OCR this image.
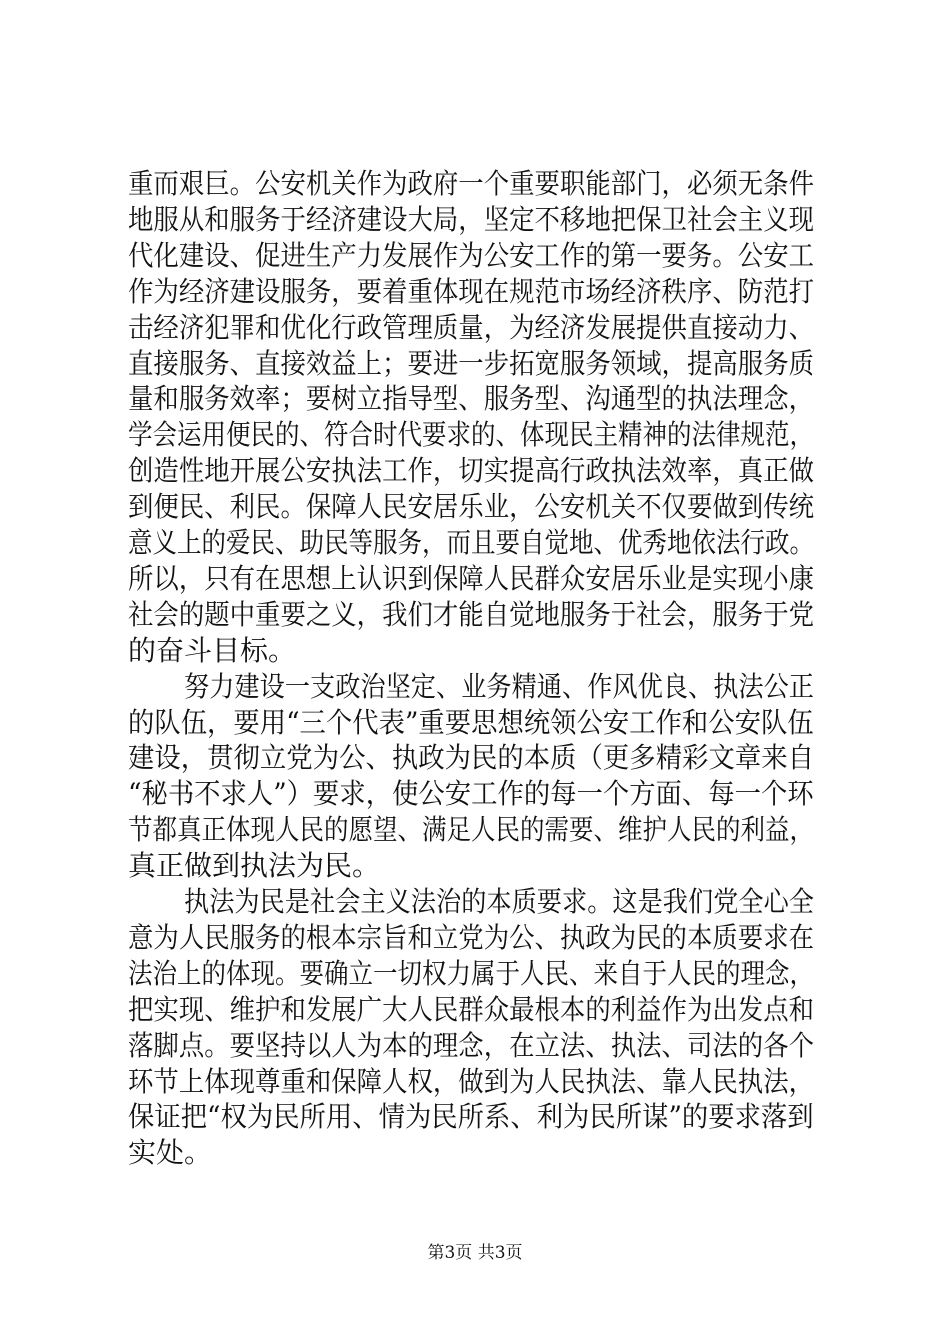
重而艰巨。公安机关作为政府一个重要职能部门，必须无条件
地服从和服务于经济建设大局，坚定不移地把保卫社会主义现
代化建设、促进生产力发展作为公安工作的第一要务。公安工
作为经济建设服务，要着重体现在规范市场经济秩序、防范打
击经济犯罪和优化行政管理质量，为经济发展提供直接动力、
直接服务、直接效益上；要进一步拓宽服务领域，提高服务质
量和服务效率；要树立指导型、服务型、沟通型的执法理念，
学会运用便民的、符合时代要求的、体现民主精神的法律规范，
创造性地开展公安执法工作，切实提高行政执法效率，真正做
到便民、利民。保障人民安居乐业，公安机关不仅要做到传统
意义上的爱民、助民等服务，而且要自觉地、优秀地依法行政。
所以，只有在思想上认识到保障人民群众安居乐业是实现小康
社会的题中重要之义，我们才能自觉地服务于社会，服务于党
的奋斗目标。
努力建设一支政治坚定、业务精通、作风优良、执法公正
的队伍，要用“三个代表”重要思想统领公安工作和公安队伍
建设，贯彻立党为公、执政为民的本质（更多精彩文章来自
“秘书不求人”）要求，使公安工作的每一个方面、每一个环
节都真正体现人民的愿望、满足人民的需要、维护人民的利益，
真正做到执法为民。
执法为民是社会主义法治的本质要求。这是我们党全心全
意为人民服务的根本宗旨和立党为公、执政为民的本质要求在
法治上的体现。要确立一切权力属于人民、来自于人民的理念，
把实现、维护和发展广大人民群众最根本的利益作为出发点和
落脚点。要坚持以人为本的理念，在立法、执法、司法的各个
环节上体现尊重和保障人权，做到为人民执法、靠人民执法，
保证把“权为民所用、情为民所系、利为民所谋”的要求落到
实处。
第3页 共3页
